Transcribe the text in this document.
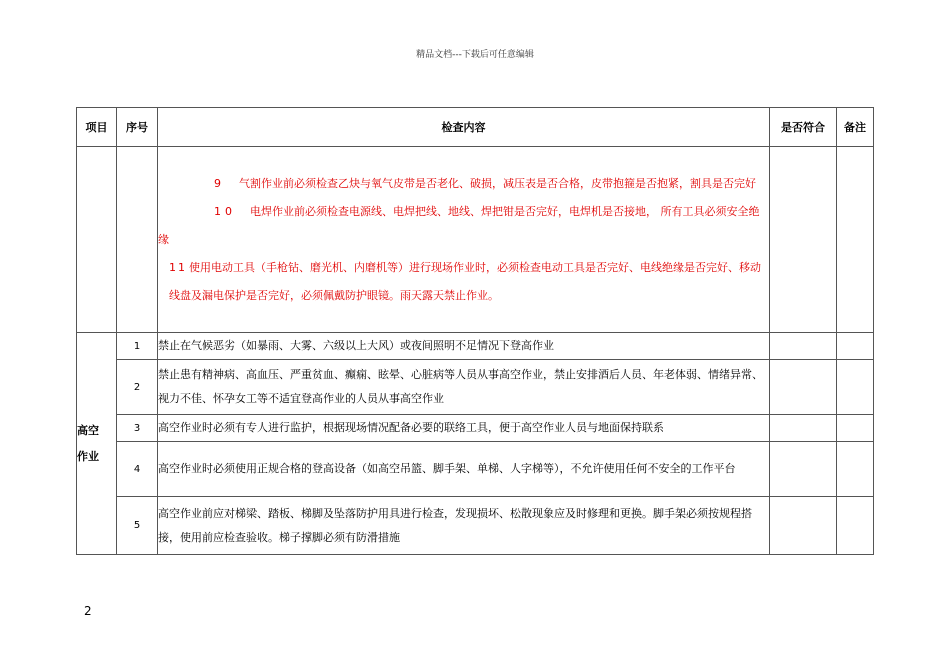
精品文档---下载后可任意编辑
项目	序号	检查内容	是否符合	备注

		9 气割作业前必须检查乙炔与氧气皮带是否老化、破损，减压表是否合格，皮带抱箍是否抱紧，割具是否完好
10 电焊作业前必须检查电源线、电焊把线、地线、焊把钳是否完好，电焊机是否接地， 所有工具必须安全绝缘
11 使用电动工具（手枪钻、磨光机、内磨机等）进行现场作业时，必须检查电动工具是否完好、电线绝缘是否完好、移动线盘及漏电保护是否完好，必须佩戴防护眼镜。雨天露天禁止作业。		

高空
作业	1	禁止在气候恶劣（如暴雨、大雾、六级以上大风）或夜间照明不足情况下登高作业		
	2	禁止患有精神病、高血压、严重贫血、癫痫、眩晕、心脏病等人员从事高空作业，禁止安排酒后人员、年老体弱、情绪异常、视力不佳、怀孕女工等不适宜登高作业的人员从事高空作业		
	3	高空作业时必须有专人进行监护，根据现场情况配备必要的联络工具，便于高空作业人员与地面保持联系		
	4	高空作业时必须使用正规合格的登高设备（如高空吊篮、脚手架、单梯、人字梯等），不允许使用任何不安全的工作平台		
	5	高空作业前应对梯梁、踏板、梯脚及坠落防护用具进行检查，发现损坏、松散现象应及时修理和更换。脚手架必须按规程搭接，使用前应检查验收。梯子撑脚必须有防滑措施		
2
